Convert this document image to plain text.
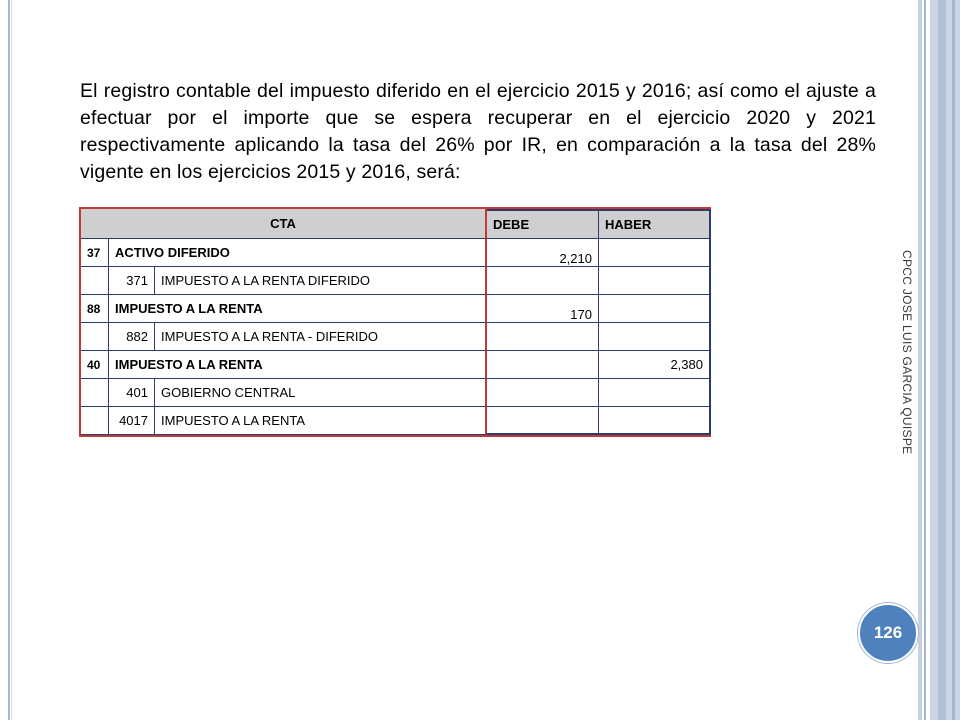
El registro contable del impuesto diferido en el ejercicio 2015 y 2016; así como el ajuste a efectuar por el importe que se espera recuperar en el ejercicio 2020 y 2021 respectivamente aplicando la tasa del 26% por IR, en comparación a la tasa del 28% vigente en los ejercicios 2015 y 2016, será:
CTA			DEBE	HABER
37	ACTIVO DIFERIDO		2,210	
	371	IMPUESTO A LA RENTA DIFERIDO		
88	IMPUESTO A LA RENTA		170	
	882	IMPUESTO A LA RENTA - DIFERIDO		
40	IMPUESTO A LA RENTA			2,380
	401	GOBIERNO CENTRAL		
	4017	IMPUESTO A LA RENTA			CPCC JOSE LUIS GARCIA QUISPE
126
